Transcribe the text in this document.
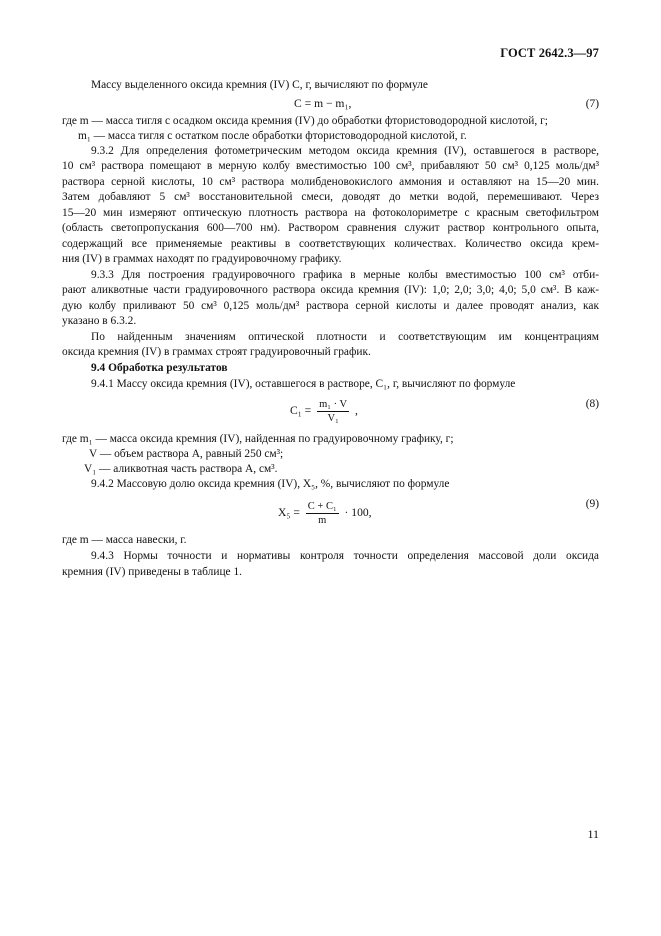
ГОСТ 2642.3—97
Массу выделенного оксида кремния (IV) С, г, вычисляют по формуле
С = m − m₁,	(7)
где m — масса тигля с осадком оксида кремния (IV) до обработки фтористоводородной кислотой, г;
m₁ — масса тигля с остатком после обработки фтористоводородной кислотой, г.
9.3.2 Для определения фотометрическим методом оксида кремния (IV), оставшегося в растворе,
10 см³ раствора помещают в мерную колбу вместимостью 100 см³, прибавляют 50 см³ 0,125 моль/дм³
раствора серной кислоты, 10 см³ раствора молибденовокислого аммония и оставляют на 15—20 мин.
Затем добавляют 5 см³ восстановительной смеси, доводят до метки водой, перемешивают. Через
15—20 мин измеряют оптическую плотность раствора на фотоколориметре с красным светофильтром
(область светопропускания 600—700 нм). Раствором сравнения служит раствор контрольного опыта,
содержащий все применяемые реактивы в соответствующих количествах. Количество оксида крем-
ния (IV) в граммах находят по градуировочному графику.
9.3.3 Для построения градуировочного графика в мерные колбы вместимостью 100 см³ отби-
рают аликвотные части градуировочного раствора оксида кремния (IV): 1,0; 2,0; 3,0; 4,0; 5,0 см³. В каж-
дую колбу приливают 50 см³ 0,125 моль/дм³ раствора серной кислоты и далее проводят анализ, как
указано в 6.3.2.
По найденным значениям оптической плотности и соответствующим им концентрациям
оксида кремния (IV) в граммах строят градуировочный график.
9.4 Обработка результатов
9.4.1 Массу оксида кремния (IV), оставшегося в растворе, C₁, г, вычисляют по формуле
$C_1 = \frac{\text{m₁ · V}}{\text{V₁}}$ ,
(8)
где m₁ — масса оксида кремния (IV), найденная по градуировочному графику, г;
V — объем раствора А, равный 250 см³;
V₁ — аликвотная часть раствора А, см³.
9.4.2 Массовую долю оксида кремния (IV), X₅, %, вычисляют по формуле
$X_5 = \frac{\text{C + C₁}}{m} \cdot 100$,
(9)
где m — масса навески, г.
9.4.3 Нормы точности и нормативы контроля точности определения массовой доли оксида
кремния (IV) приведены в таблице 1.
11
